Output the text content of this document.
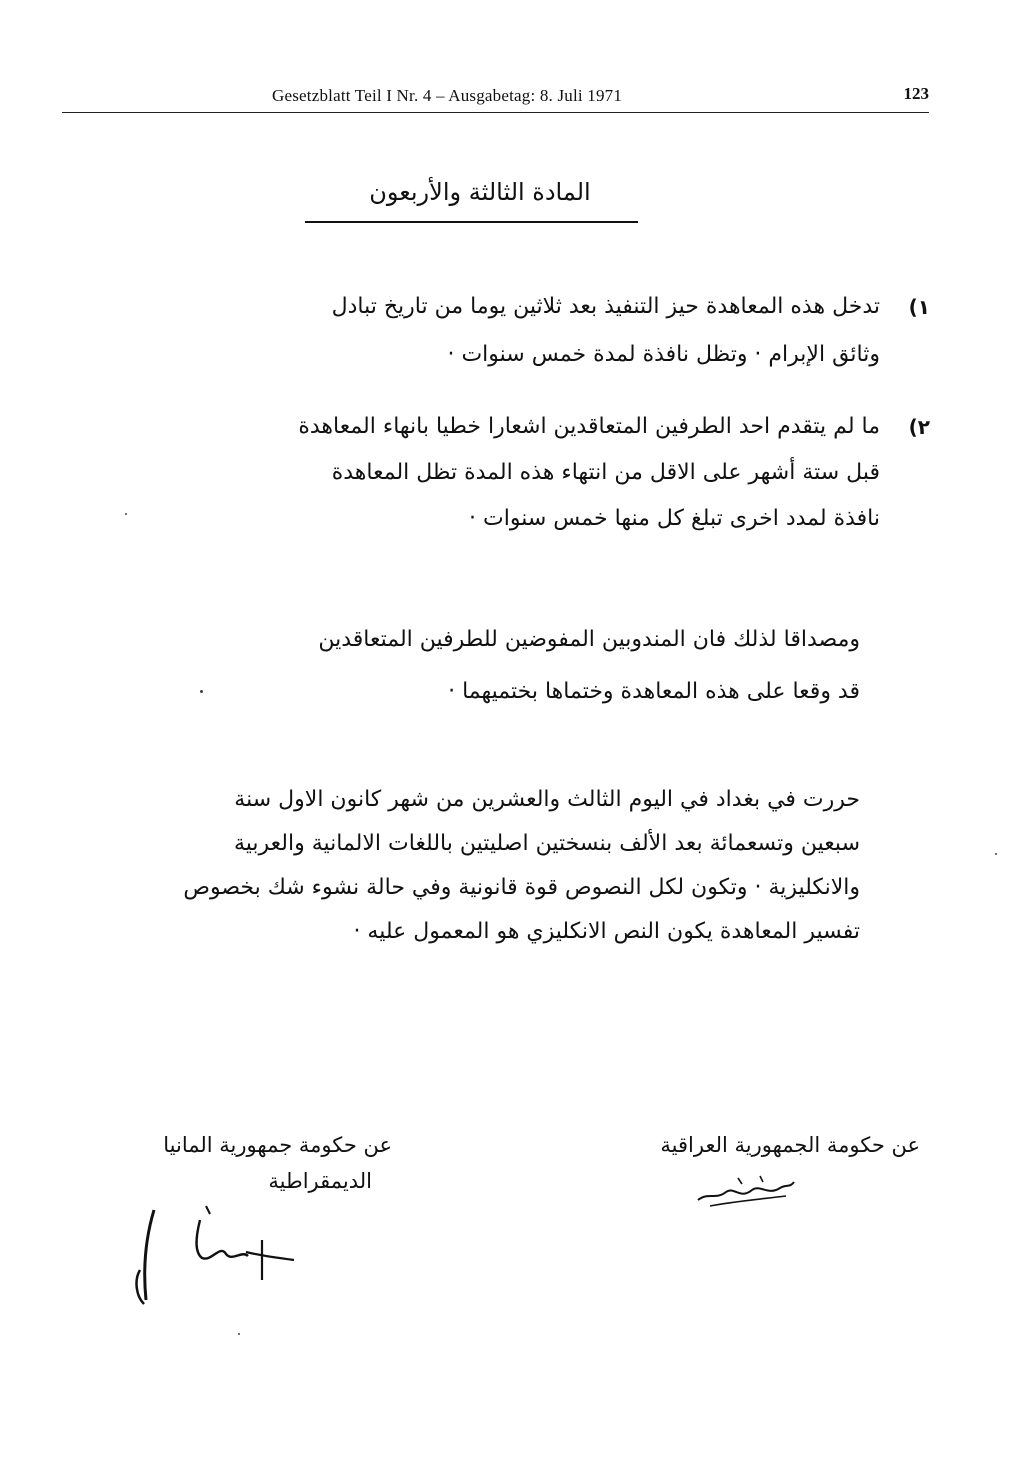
Gesetzblatt Teil I Nr. 4 – Ausgabetag: 8. Juli 1971	123
المادة الثالثة والأربعون
١)
تدخل هذه المعاهدة حيز التنفيذ بعد ثلاثين يوما من تاريخ تبادل
وثائق الإبرام · وتظل نافذة لمدة خمس سنوات ·
٢)
ما لم يتقدم احد الطرفين المتعاقدين اشعارا خطيا بانهاء المعاهدة
قبل ستة أشهر على الاقل من انتهاء هذه المدة تظل المعاهدة
نافذة لمدد اخرى تبلغ كل منها خمس سنوات ·
ومصداقا لذلك فان المندوبين المفوضين للطرفين المتعاقدين
قد وقعا على هذه المعاهدة وختماها بختميهما ·
حررت في بغداد في اليوم الثالث والعشرين من شهر كانون الاول سنة
سبعين وتسعمائة بعد الألف بنسختين اصليتين باللغات الالمانية والعربية
والانكليزية · وتكون لكل النصوص قوة قانونية وفي حالة نشوء شك بخصوص
تفسير المعاهدة يكون النص الانكليزي هو المعمول عليه ·
عن حكومة الجمهورية العراقية
عن حكومة جمهورية المانيا
الديمقراطية
